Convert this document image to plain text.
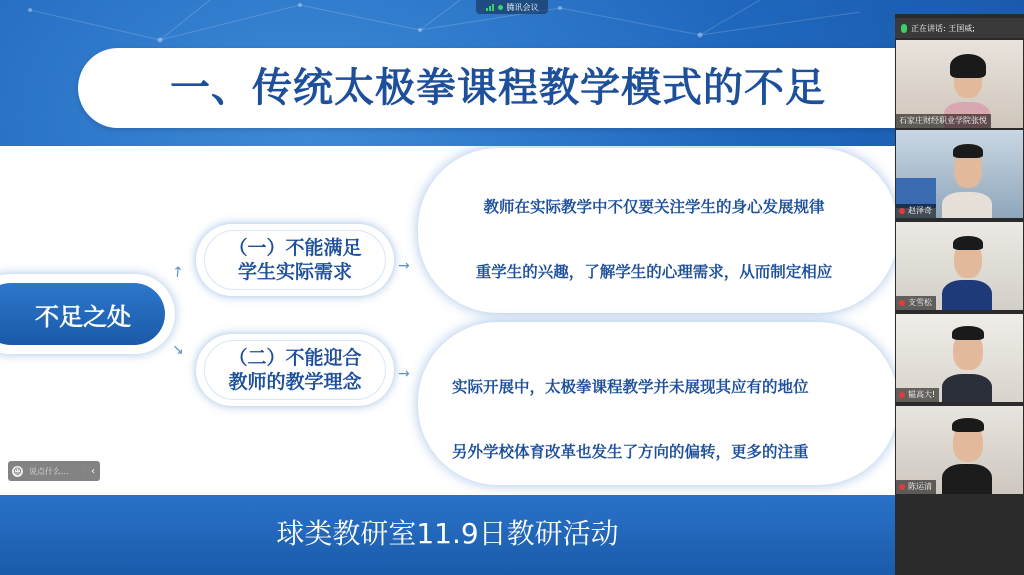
腾讯会议
一、传统太极拳课程教学模式的不足
不足之处
↗
↘
（一）不能满足
学生实际需求
（二）不能迎合
教师的教学理念
→
→

教师在实际教学中不仅要关注学生的身心发展规律

重学生的兴趣，了解学生的心理需求，从而制定相应

实际开展中，太极拳课程教学并未展现其应有的地位

另外学校体育改革也发生了方向的偏转，更多的注重

球类教研室11.9日教研活动
☺ 说点什么... ‹
正在讲话: 王国威;
石家庄财经职业学院张悦
赵泽奇
支雪松
韫高大!
陈运清
